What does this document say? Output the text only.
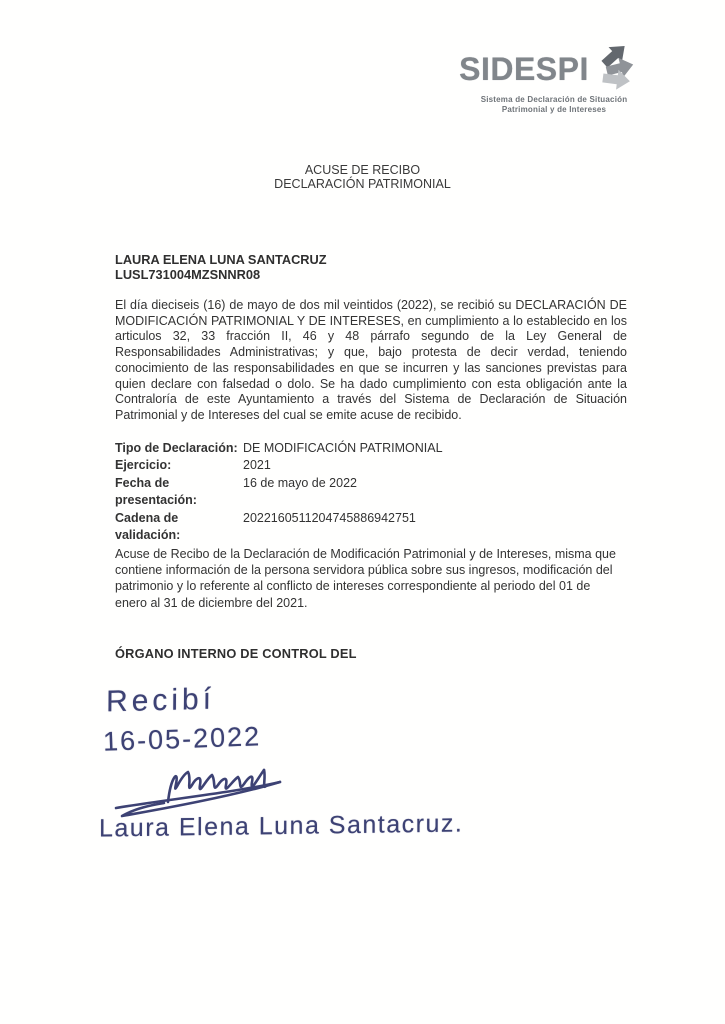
SIDESPI
Sistema de Declaración de Situación
Patrimonial y de Intereses
ACUSE DE RECIBO
DECLARACIÓN PATRIMONIAL
LAURA ELENA LUNA SANTACRUZ
LUSL731004MZSNNR08
El día dieciseis (16) de mayo de dos mil veintidos (2022), se recibió su DECLARACIÓN DE MODIFICACIÓN PATRIMONIAL Y DE INTERESES, en cumplimiento a lo establecido en los articulos 32, 33 fracción II, 46 y 48 párrafo segundo de la Ley General de Responsabilidades Administrativas; y que, bajo protesta de decir verdad, teniendo conocimiento de las responsabilidades en que se incurren y las sanciones previstas para quien declare con falsedad o dolo. Se ha dado cumplimiento con esta obligación ante la Contraloría de este Ayuntamiento a través del Sistema de Declaración de Situación Patrimonial y de Intereses del cual se emite acuse de recibido.
Tipo de Declaración: DE MODIFICACIÓN PATRIMONIAL
Ejercicio:	2021
Fecha de presentación:
16 de mayo de 2022
Cadena de validación:
2022160511204745886942751
Acuse de Recibo de la Declaración de Modificación Patrimonial y de Intereses, misma que contiene información de la persona servidora pública sobre sus ingresos, modificación del patrimonio y lo referente al conflicto de intereses correspondiente al periodo del 01 de enero al 31 de diciembre del 2021.
ÓRGANO INTERNO DE CONTROL DEL
Recibí
16-05-2022
Laura Elena Luna Santacruz.
